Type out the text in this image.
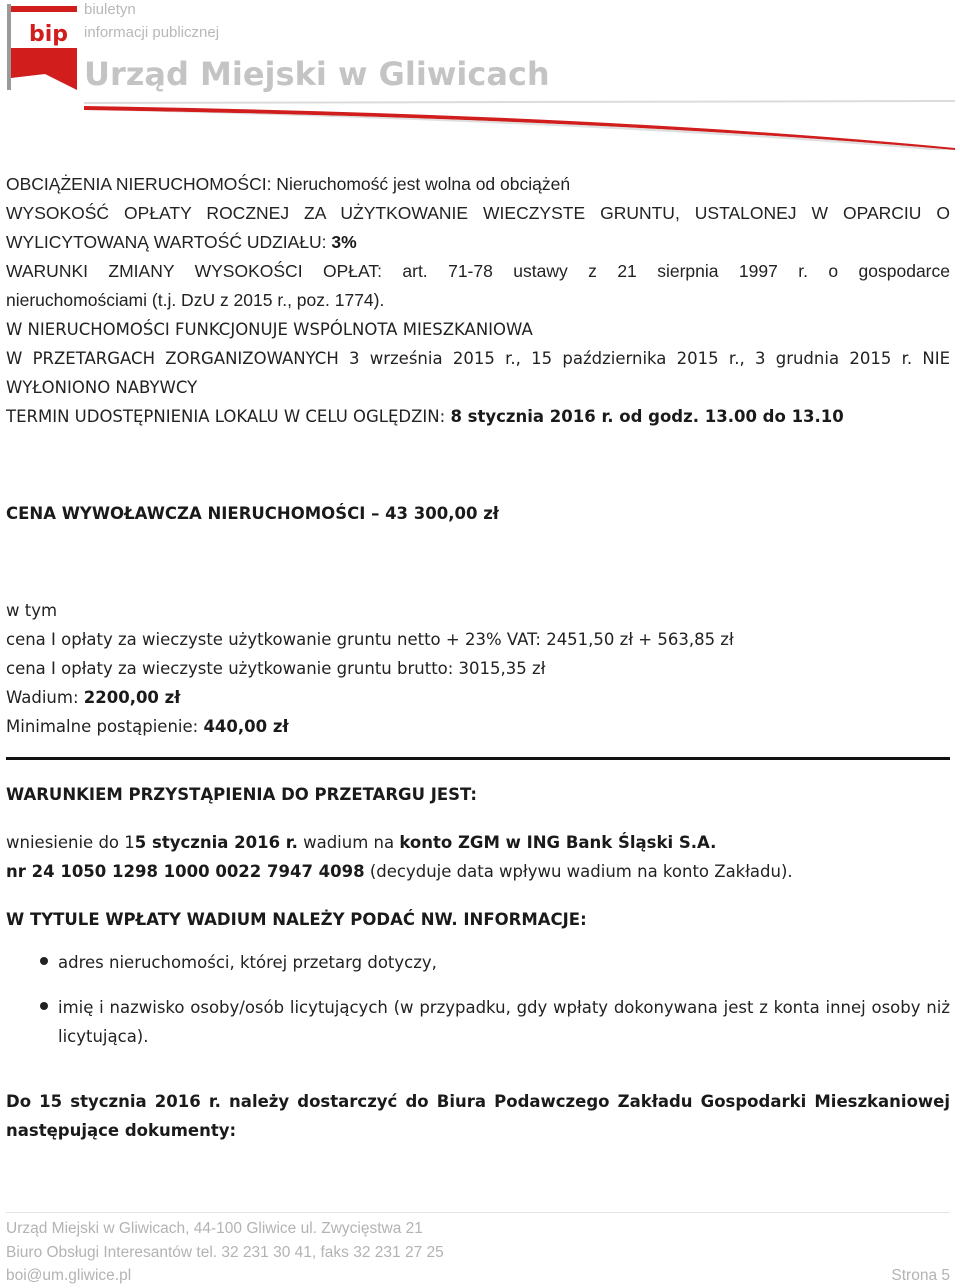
bip
biuletyn
informacji publicznej
Urząd Miejski w Gliwicach

OBCIĄŻENIA NIERUCHOMOŚCI: Nieruchomość jest wolna od obciążeń

WYSOKOŚĆ OPŁATY ROCZNEJ ZA UŻYTKOWANIE WIECZYSTE GRUNTU, USTALONEJ W OPARCIU O

WYLICYTOWANĄ WARTOŚĆ UDZIAŁU: 3%

WARUNKI ZMIANY WYSOKOŚCI OPŁAT: art. 71-78 ustawy z 21 sierpnia 1997 r. o gospodarce

nieruchomościami (t.j. DzU z 2015 r., poz. 1774).

W NIERUCHOMOŚCI FUNKCJONUJE WSPÓLNOTA MIESZKANIOWA

W PRZETARGACH ZORGANIZOWANYCH 3 września 2015 r., 15 października 2015 r., 3 grudnia 2015 r. NIE

WYŁONIONO NABYWCY

TERMIN UDOSTĘPNIENIA LOKALU W CELU OGLĘDZIN: 8 stycznia 2016 r. od godz. 13.00 do 13.10

CENA WYWOŁAWCZA NIERUCHOMOŚCI – 43 300,00 zł

w tym

cena I opłaty za wieczyste użytkowanie gruntu netto + 23% VAT: 2451,50 zł + 563,85 zł

cena I opłaty za wieczyste użytkowanie gruntu brutto: 3015,35 zł

Wadium: 2200,00 zł

Minimalne postąpienie: 440,00 zł

WARUNKIEM PRZYSTĄPIENIA DO PRZETARGU JEST:

wniesienie do 15 stycznia 2016 r. wadium na konto ZGM w ING Bank Śląski S.A.

nr 24 1050 1298 1000 0022 7947 4098 (decyduje data wpływu wadium na konto Zakładu).

W TYTULE WPŁATY WADIUM NALEŻY PODAĆ NW. INFORMACJE:

adres nieruchomości, której przetarg dotyczy,
imię i nazwisko osoby/osób licytujących (w przypadku, gdy wpłaty dokonywana jest z konta innej osoby niż licytująca).

Do 15 stycznia 2016 r. należy dostarczyć do Biura Podawczego Zakładu Gospodarki Mieszkaniowej następujące dokumenty:

Urząd Miejski w Gliwicach, 44-100 Gliwice ul. Zwycięstwa 21
Biuro Obsługi Interesantów tel. 32 231 30 41, faks 32 231 27 25
boi@um.gliwice.pl	Strona 5
